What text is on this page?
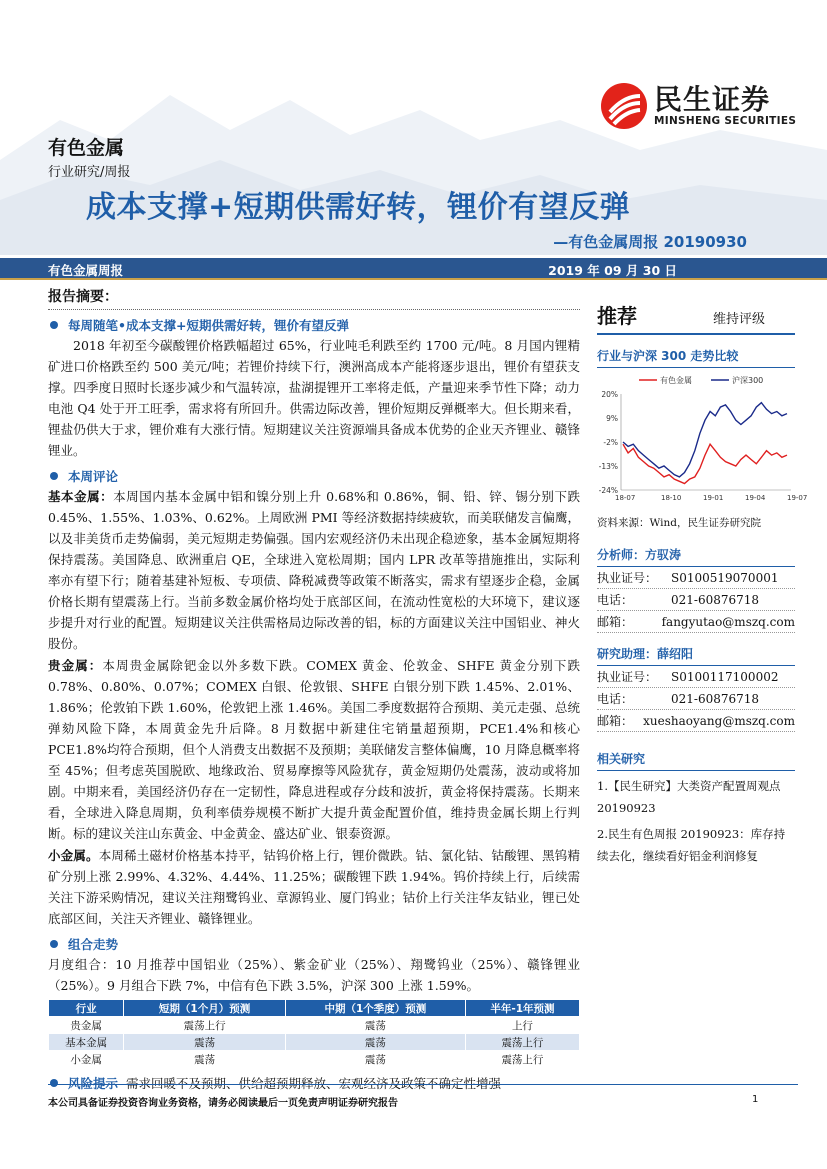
民生证券
MINSHENG SECURITIES
有色金属
行业研究/周报
成本支撑+短期供需好转，锂价有望反弹
—有色金属周报 20190930
有色金属周报	2019 年 09 月 30 日
报告摘要：
每周随笔•成本支撑+短期供需好转，锂价有望反弹

2018 年初至今碳酸锂价格跌幅超过 65%，行业吨毛利跌至约 1700 元/吨。8 月国内锂精矿进口价格跌至约 500 美元/吨；若锂价持续下行，澳洲高成本产能将逐步退出，锂价有望获支撑。四季度日照时长逐步减少和气温转凉，盐湖提锂开工率将走低，产量迎来季节性下降；动力电池 Q4 处于开工旺季，需求将有所回升。供需边际改善，锂价短期反弹概率大。但长期来看，锂盐仍供大于求，锂价难有大涨行情。短期建议关注资源端具备成本优势的企业天齐锂业、赣锋锂业。

本周评论

基本金属：本周国内基本金属中铝和镍分别上升 0.68%和 0.86%，铜、铅、锌、锡分别下跌 0.45%、1.55%、1.03%、0.62%。上周欧洲 PMI 等经济数据持续疲软，而美联储发言偏鹰，以及非美货币走势偏弱，美元短期走势偏强。国内宏观经济仍未出现企稳迹象，基本金属短期将保持震荡。美国降息、欧洲重启 QE，全球进入宽松周期；国内 LPR 改革等措施推出，实际利率亦有望下行；随着基建补短板、专项债、降税减费等政策不断落实，需求有望逐步企稳，金属价格长期有望震荡上行。当前多数金属价格均处于底部区间，在流动性宽松的大环境下，建议逐步提升对行业的配置。短期建议关注供需格局边际改善的铝，标的方面建议关注中国铝业、神火股份。

贵金属：本周贵金属除钯金以外多数下跌。COMEX 黄金、伦敦金、SHFE 黄金分别下跌 0.78%、0.80%、0.07%；COMEX 白银、伦敦银、SHFE 白银分别下跌 1.45%、2.01%、1.86%；伦敦铂下跌 1.60%，伦敦钯上涨 1.46%。美国二季度数据符合预期、美元走强、总统弹劾风险下降，本周黄金先升后降。8 月数据中新建住宅销量超预期，PCE1.4%和核心 PCE1.8%均符合预期，但个人消费支出数据不及预期；美联储发言整体偏鹰，10 月降息概率将至 45%；但考虑英国脱欧、地缘政治、贸易摩擦等风险犹存，黄金短期仍处震荡，波动或将加剧。中期来看，美国经济仍存在一定韧性，降息进程或存分歧和波折，黄金将保持震荡。长期来看，全球进入降息周期，负利率债券规模不断扩大提升黄金配置价值，维持贵金属长期上行判断。标的建议关注山东黄金、中金黄金、盛达矿业、银泰资源。

小金属。本周稀土磁材价格基本持平，钴钨价格上行，锂价微跌。钴、氯化钴、钴酸锂、黑钨精矿分别上涨 2.99%、4.32%、4.44%、11.25%；碳酸锂下跌 1.94%。钨价持续上行，后续需关注下游采购情况，建议关注翔鹭钨业、章源钨业、厦门钨业；钴价上行关注华友钴业，锂已处底部区间，关注天齐锂业、赣锋锂业。

组合走势

月度组合：10 月推荐中国铝业（25%）、紫金矿业（25%）、翔鹭钨业（25%）、赣锋锂业（25%）。9 月组合下跌 7%，中信有色下跌 3.5%，沪深 300 上涨 1.59%。

行业	短期（1个月）预测	中期（1个季度）预测	半年-1年预测
贵金属	震荡上行	震荡	上行
基本金属	震荡	震荡	震荡上行
小金属	震荡	震荡	震荡上行
风险提示 需求回暖不及预期、供给超预期释放、宏观经济及政策不确定性增强
推荐	维持评级
行业与沪深 300 走势比较
有色金属	沪深300
20%
9%
-2%
-13%
-24%
18-07	18-10	19-01	19-04	19-07
资料来源：Wind，民生证券研究院
分析师：方驭涛
执业证号：	S0100519070001
电话：	021-60876718
邮箱：	fangyutao@mszq.com
研究助理：薛绍阳
执业证号：	S0100117100002
电话：	021-60876718
邮箱： xueshaoyang@mszq.com
相关研究

1.【民生研究】大类资产配置周观点 20190923

2.民生有色周报 20190923：库存持续去化，继续看好铝金利润修复

本公司具备证券投资咨询业务资格，请务必阅读最后一页免责声明证券研究报告	1
